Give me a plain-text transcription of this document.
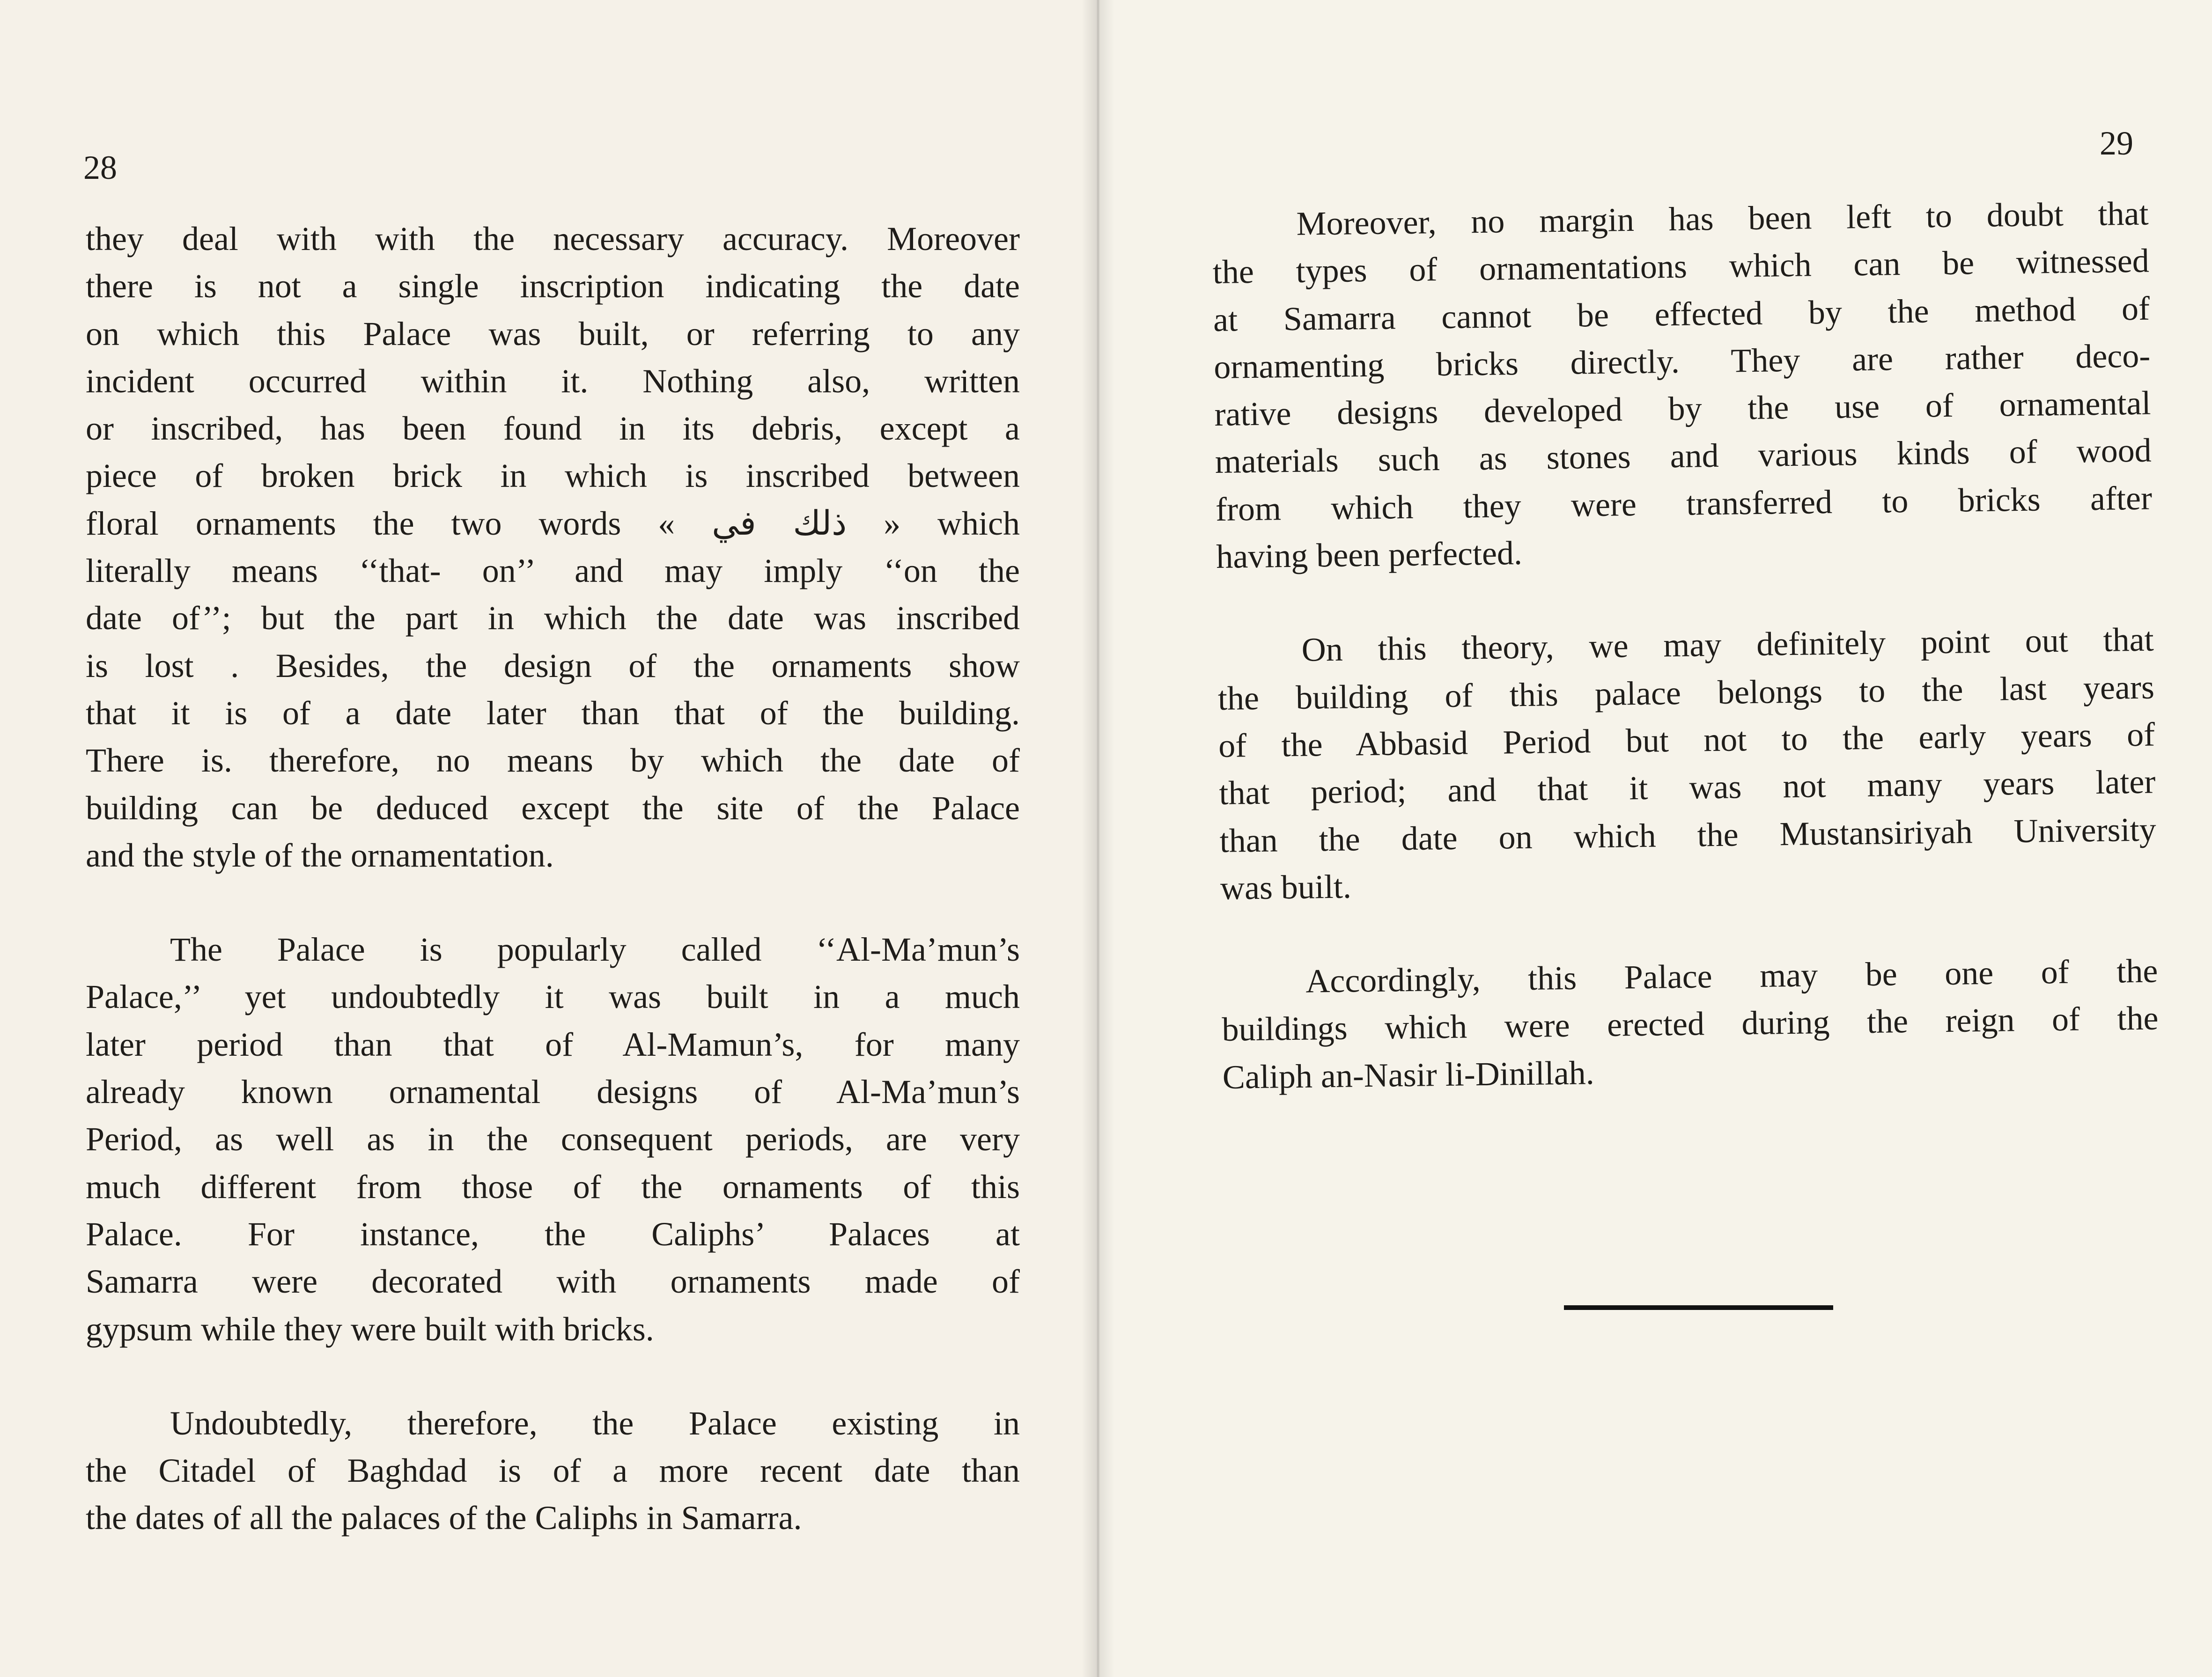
28
they deal with with the necessary accuracy. Moreover
there is not a single inscription indicating the date
on which this Palace was built, or referring to any
incident occurred within it. Nothing also, written
or inscribed, has been found in its debris, except a
piece of broken brick in which is inscribed between
floral ornaments the two words « ذلك في » which
literally means ‘‘that- on’’ and may imply ‘‘on the
date of’’; but the part in which the date was inscribed
is lost . Besides, the design of the ornaments show
that it is of a date later than that of the building.
There is. therefore, no means by which the date of
building can be deduced except the site of the Palace
and the style of the ornamentation.
The Palace is popularly called ‘‘Al-Ma’mun’s
Palace,’’ yet undoubtedly it was built in a much
later period than that of Al-Mamun’s, for many
already known ornamental designs of Al-Ma’mun’s
Period, as well as in the consequent periods, are very
much different from those of the ornaments of this
Palace. For instance, the Caliphs’ Palaces at
Samarra were decorated with ornaments made of
gypsum while they were built with bricks.
Undoubtedly, therefore, the Palace existing in
the Citadel of Baghdad is of a more recent date than
the dates of all the palaces of the Caliphs in Samarra.
29
Moreover, no margin has been left to doubt that
the types of ornamentations which can be witnessed
at Samarra cannot be effected by the method of
ornamenting bricks directly. They are rather deco-
rative designs developed by the use of ornamental
materials such as stones and various kinds of wood
from which they were transferred to bricks after
having been perfected.
On this theory, we may definitely point out that
the building of this palace belongs to the last years
of the Abbasid Period but not to the early years of
that period; and that it was not many years later
than the date on which the Mustansiriyah University
was built.
Accordingly, this Palace may be one of the
buildings which were erected during the reign of the
Caliph an-Nasir li-Dinillah.
